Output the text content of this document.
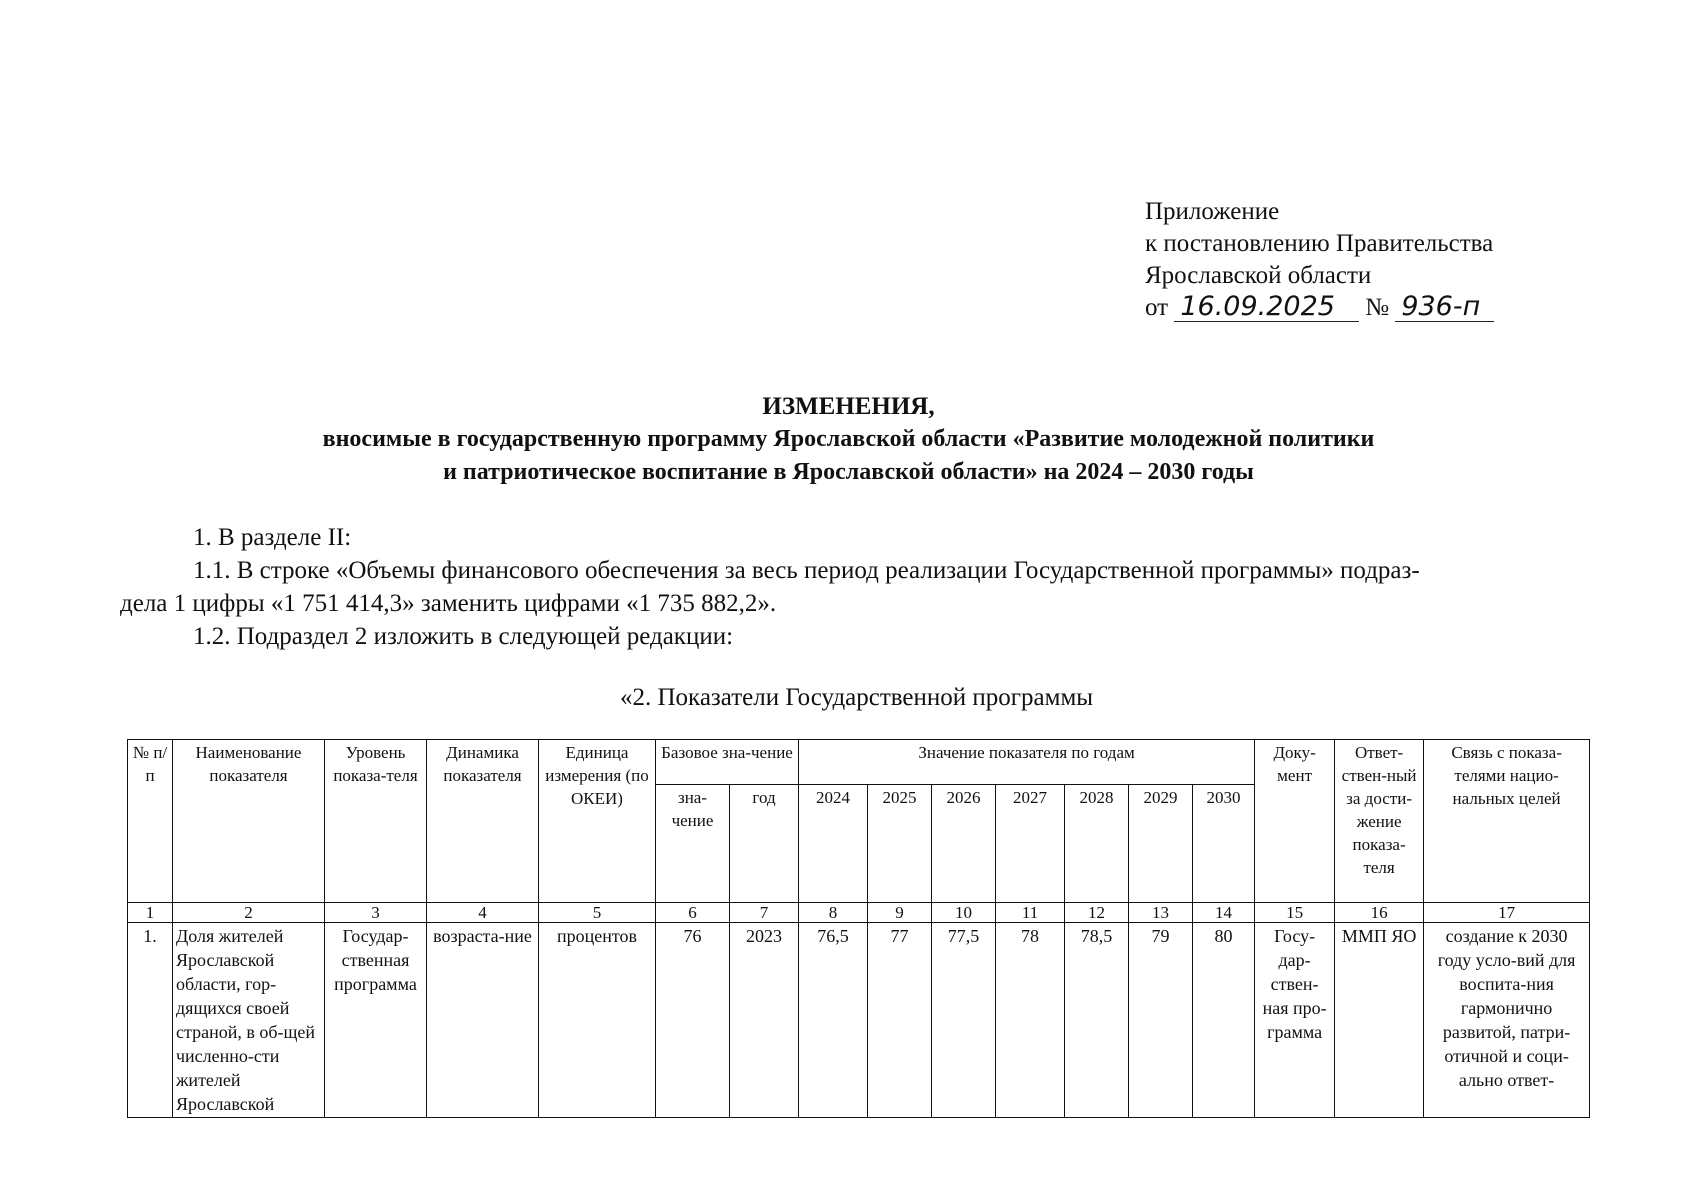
Приложение
к постановлению Правительства
Ярославской области
от 16.09.2025 № 936-п
ИЗМЕНЕНИЯ,
вносимые в государственную программу Ярославской области «Развитие молодежной политики
и патриотическое воспитание в Ярославской области» на 2024 – 2030 годы
1. В разделе II:
1.1. В строке «Объемы финансового обеспечения за весь период реализации Государственной программы» подраз-
дела 1 цифры «1 751 414,3» заменить цифрами «1 735 882,2».
1.2. Подраздел 2 изложить в следующей редакции:
«2. Показатели Государственной программы
№ п/п	Наименование показателя	Уровень показа-теля	Динамика показателя	Единица измерения (по ОКЕИ)	Базовое зна-чение		Значение показателя по годам							Доку-мент	Ответ-ствен-ный за дости-жение показа-теля	Связь с показа-телями нацио-нальных целей
					зна-чение	год	2024	2025	2026	2027	2028	2029	2030			
1	2	3	4	5	6	7	8	9	10	11	12	13	14	15	16	17
1.	Доля жителей Ярославской области, гор-дящихся своей страной, в об-щей численно-сти жителей Ярославской	Государ-ственная программа	возраста-ние	процентов	76	2023	76,5	77	77,5	78	78,5	79	80	Госу-дар-ствен-ная про-грамма	ММП ЯО	создание к 2030 году усло-вий для воспита-ния гармонично развитой, патри-отичной и соци-ально ответ-
